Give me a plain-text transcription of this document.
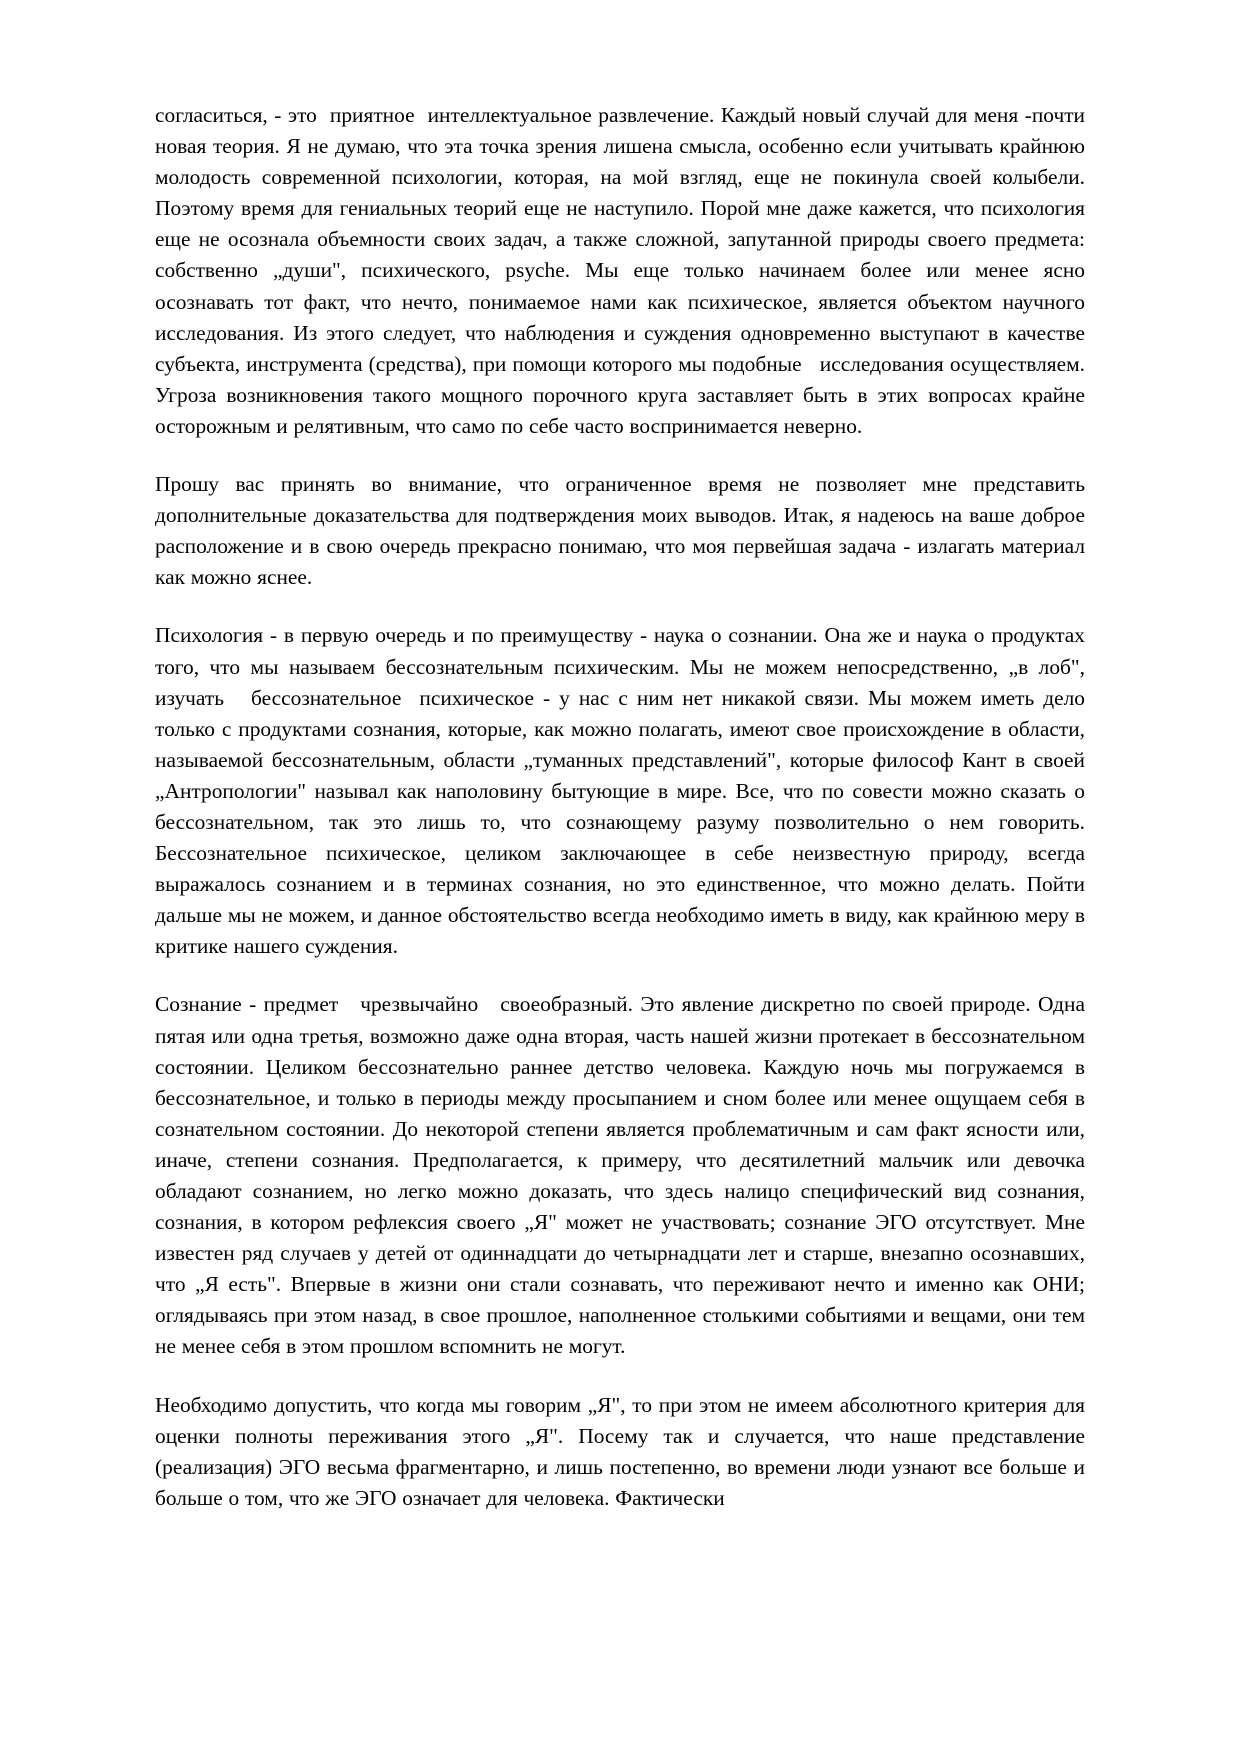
согласиться, - это  приятное  интеллектуальное развлечение. Каждый новый случай для меня -почти новая теория. Я не думаю, что эта точка зрения лишена смысла, особенно если учитывать крайнюю молодость современной психологии, которая, на мой взгляд, еще не покинула своей колыбели. Поэтому время для гениальных теорий еще не наступило. Порой мне даже кажется, что психология еще не осознала объемности своих задач, а также сложной, запутанной природы своего предмета: собственно „души", психического, psyche. Мы еще только начинаем более или менее ясно осознавать тот факт, что нечто, понимаемое нами как психическое, является объектом научного исследования. Из этого следует, что наблюдения и суждения одновременно выступают в качестве субъекта, инструмента (средства), при помощи которого мы подобные   исследования осуществляем.  Угроза возникновения такого мощного порочного круга заставляет быть в этих вопросах крайне осторожным и релятивным, что само по себе часто воспринимается неверно.

Прошу вас принять во внимание, что ограниченное время не позволяет мне представить дополнительные доказательства для подтверждения моих выводов. Итак, я надеюсь на ваше доброе расположение и в свою очередь прекрасно понимаю, что моя первейшая задача - излагать материал как можно яснее.

Психология - в первую очередь и по преимуществу - наука о сознании. Она же и наука о продуктах того, что мы называем бессознательным психическим. Мы не можем непосредственно, „в лоб",   изучать   бессознательное  психическое - у нас с ним нет никакой связи. Мы можем иметь дело только с продуктами сознания, которые, как можно полагать, имеют свое происхождение в области, называемой бессознательным, области „туманных представлений", которые философ Кант в своей „Антропологии" называл как наполовину бытующие в мире. Все, что по совести можно сказать о бессознательном, так это лишь то, что сознающему разуму позволительно о нем говорить. Бессознательное психическое, целиком заключающее в себе неизвестную природу, всегда выражалось сознанием и в терминах сознания, но это единственное, что можно делать. Пойти дальше мы не можем, и данное обстоятельство всегда необходимо иметь в виду, как крайнюю меру в критике нашего суждения.

Сознание - предмет   чрезвычайно   своеобразный. Это явление дискретно по своей природе. Одна пятая или одна третья, возможно даже одна вторая, часть нашей жизни протекает в бессознательном состоянии. Целиком бессознательно раннее детство человека. Каждую ночь мы погружаемся в бессознательное, и только в периоды между просыпанием и сном более или менее ощущаем себя в сознательном состоянии. До некоторой степени является проблематичным и сам факт ясности или, иначе, степени сознания. Предполагается, к примеру, что десятилетний мальчик или девочка обладают сознанием, но легко можно доказать, что здесь налицо специфический вид сознания, сознания, в котором рефлексия своего „Я" может не участвовать; сознание ЭГО отсутствует. Мне известен ряд случаев у детей от одиннадцати до четырнадцати лет и старше, внезапно осознавших, что „Я есть". Впервые в жизни они стали сознавать, что переживают нечто и именно как ОНИ; оглядываясь при этом назад, в свое прошлое, наполненное столькими событиями и вещами, они тем не менее себя в этом прошлом вспомнить не могут.

Необходимо допустить, что когда мы говорим „Я", то при этом не имеем абсолютного критерия для оценки полноты переживания этого „Я". Посему так и случается, что наше представление (реализация) ЭГО весьма фрагментарно, и лишь постепенно, во времени люди узнают все больше и больше о том, что же ЭГО означает для человека. Фактически
